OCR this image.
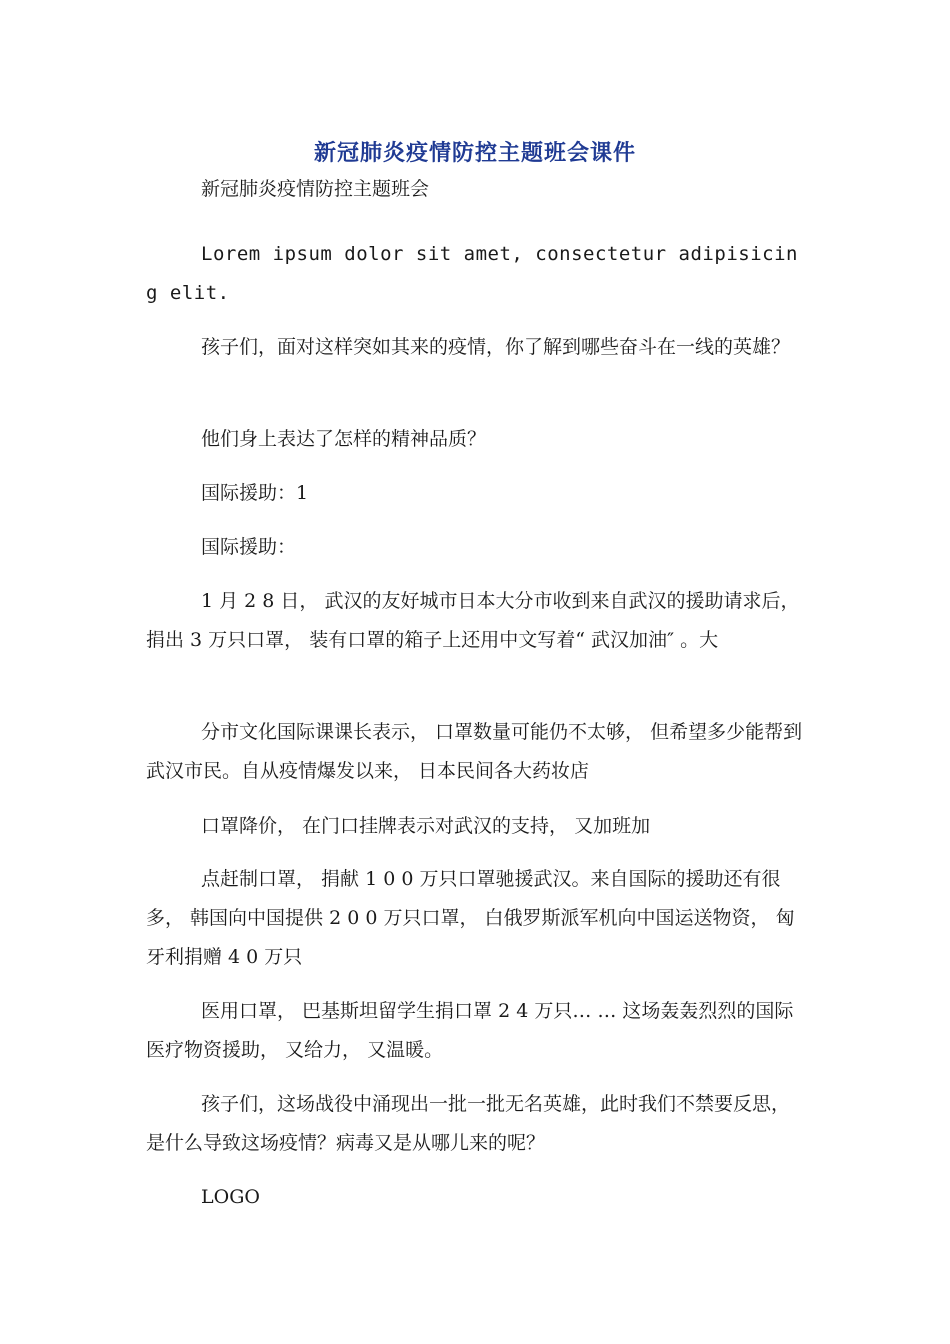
新冠肺炎疫情防控主题班会课件

新冠肺炎疫情防控主题班会

Lorem ipsum dolor sit amet, consectetur adipisicing elit.

孩子们，面对这样突如其来的疫情，你了解到哪些奋斗在一线的英雄？

他们身上表达了怎样的精神品质？

国际援助：1

国际援助：

1 月 2 8 日， 武汉的友好城市日本大分市收到来自武汉的援助请求后， 捐出 3 万只口罩， 装有口罩的箱子上还用中文写着“ 武汉加油″ 。大

分市文化国际课课长表示， 口罩数量可能仍不太够， 但希望多少能帮到武汉市民。自从疫情爆发以来， 日本民间各大药妆店

口罩降价， 在门口挂牌表示对武汉的支持， 又加班加

点赶制口罩， 捐献 1 0 0 万只口罩驰援武汉。来自国际的援助还有很多， 韩国向中国提供 2 0 0 万只口罩， 白俄罗斯派军机向中国运送物资， 匈牙利捐赠 4 0 万只

医用口罩， 巴基斯坦留学生捐口罩 2 4 万只… … 这场轰轰烈烈的国际医疗物资援助， 又给力， 又温暖。

孩子们，这场战役中涌现出一批一批无名英雄，此时我们不禁要反思，是什么导致这场疫情？病毒又是从哪儿来的呢？

LOGO
